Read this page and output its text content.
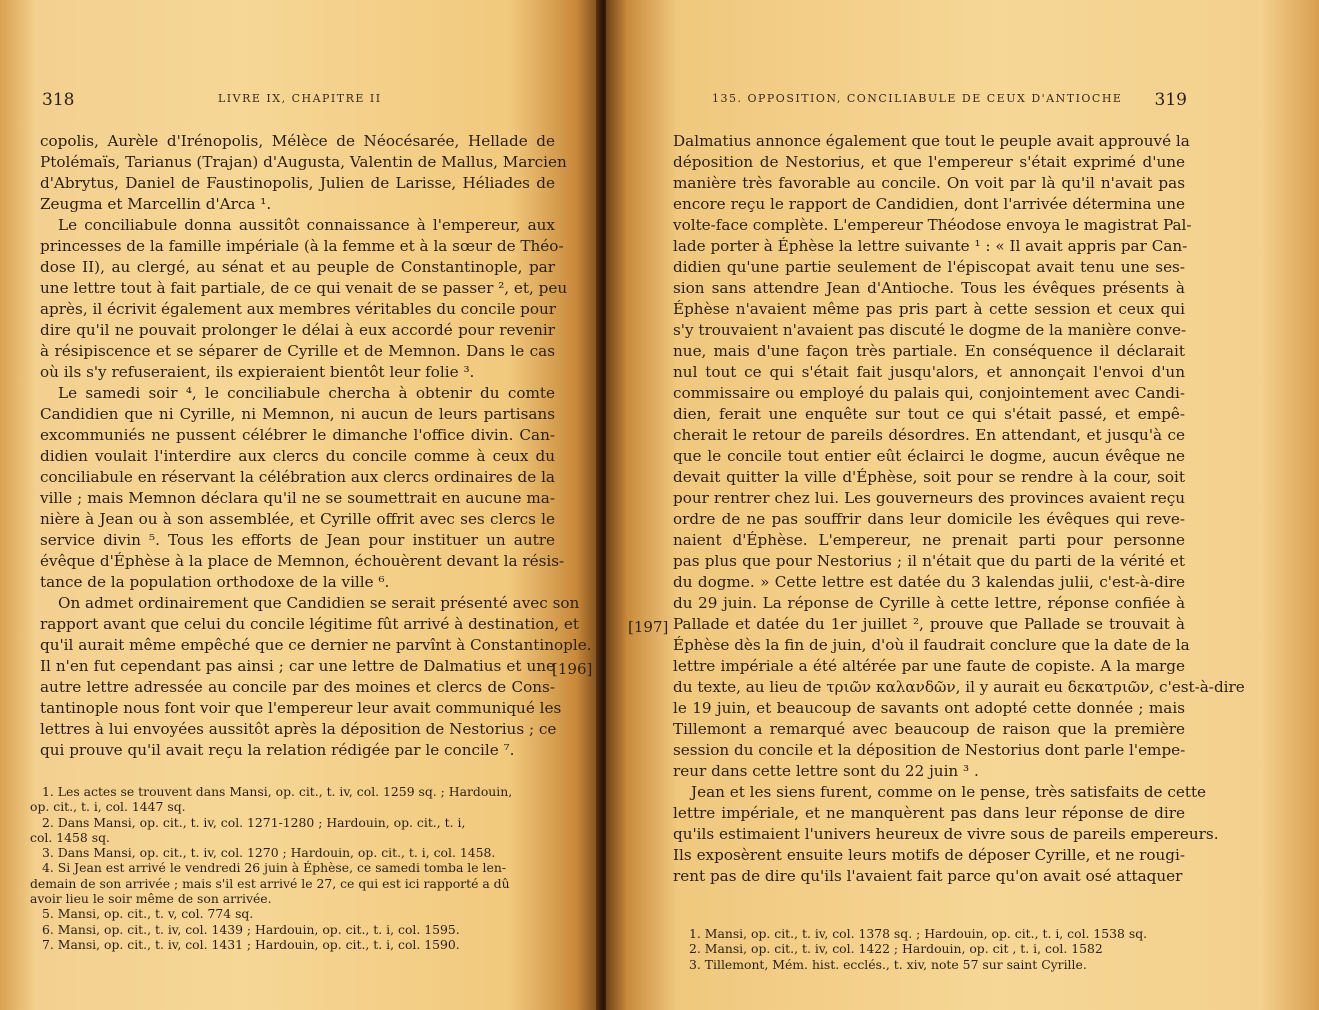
318	LIVRE IX, CHAPITRE II
copolis, Aurèle d'Irénopolis, Mélèce de Néocésarée, Hellade de
Ptolémaïs, Tarianus (Trajan) d'Augusta, Valentin de Mallus, Marcien
d'Abrytus, Daniel de Faustinopolis, Julien de Larisse, Héliades de
Zeugma et Marcellin d'Arca ¹.
Le conciliabule donna aussitôt connaissance à l'empereur, aux
princesses de la famille impériale (à la femme et à la sœur de Théo-
dose II), au clergé, au sénat et au peuple de Constantinople, par
une lettre tout à fait partiale, de ce qui venait de se passer ², et, peu
après, il écrivit également aux membres véritables du concile pour
dire qu'il ne pouvait prolonger le délai à eux accordé pour revenir
à résipiscence et se séparer de Cyrille et de Memnon. Dans le cas
où ils s'y refuseraient, ils expieraient bientôt leur folie ³.
Le samedi soir ⁴, le conciliabule chercha à obtenir du comte
Candidien que ni Cyrille, ni Memnon, ni aucun de leurs partisans
excommuniés ne pussent célébrer le dimanche l'office divin. Can-
didien voulait l'interdire aux clercs du concile comme à ceux du
conciliabule en réservant la célébration aux clercs ordinaires de la
ville ; mais Memnon déclara qu'il ne se soumettrait en aucune ma-
nière à Jean ou à son assemblée, et Cyrille offrit avec ses clercs le
service divin ⁵. Tous les efforts de Jean pour instituer un autre
évêque d'Éphèse à la place de Memnon, échouèrent devant la résis-
tance de la population orthodoxe de la ville ⁶.
On admet ordinairement que Candidien se serait présenté avec son
rapport avant que celui du concile légitime fût arrivé à destination, et
qu'il aurait même empêché que ce dernier ne parvînt à Constantinople.
Il n'en fut cependant pas ainsi ; car une lettre de Dalmatius et une
autre lettre adressée au concile par des moines et clercs de Cons-
tantinople nous font voir que l'empereur leur avait communiqué les
lettres à lui envoyées aussitôt après la déposition de Nestorius ; ce
qui prouve qu'il avait reçu la relation rédigée par le concile ⁷.
1. Les actes se trouvent dans Mansi, op. cit., t. iv, col. 1259 sq. ; Hardouin,
op. cit., t. i, col. 1447 sq.
2. Dans Mansi, op. cit., t. iv, col. 1271-1280 ; Hardouin, op. cit., t. i,
col. 1458 sq.
3. Dans Mansi, op. cit., t. iv, col. 1270 ; Hardouin, op. cit., t. i, col. 1458.
4. Si Jean est arrivé le vendredi 26 juin à Éphèse, ce samedi tomba le len-
demain de son arrivée ; mais s'il est arrivé le 27, ce qui est ici rapporté a dû
avoir lieu le soir même de son arrivée.
5. Mansi, op. cit., t. v, col. 774 sq.
6. Mansi, op. cit., t. iv, col. 1439 ; Hardouin, op. cit., t. i, col. 1595.
7. Mansi, op. cit., t. iv, col. 1431 ; Hardouin, op. cit., t. i, col. 1590.
319
135. OPPOSITION, CONCILIABULE DE CEUX D'ANTIOCHE
Dalmatius annonce également que tout le peuple avait approuvé la
déposition de Nestorius, et que l'empereur s'était exprimé d'une
manière très favorable au concile. On voit par là qu'il n'avait pas
encore reçu le rapport de Candidien, dont l'arrivée détermina une
volte-face complète. L'empereur Théodose envoya le magistrat Pal-
lade porter à Éphèse la lettre suivante ¹ : « Il avait appris par Can-
didien qu'une partie seulement de l'épiscopat avait tenu une ses-
sion sans attendre Jean d'Antioche. Tous les évêques présents à
Éphèse n'avaient même pas pris part à cette session et ceux qui
s'y trouvaient n'avaient pas discuté le dogme de la manière conve-
nue, mais d'une façon très partiale. En conséquence il déclarait
nul tout ce qui s'était fait jusqu'alors, et annonçait l'envoi d'un
commissaire ou employé du palais qui, conjointement avec Candi-
dien, ferait une enquête sur tout ce qui s'était passé, et empê-
cherait le retour de pareils désordres. En attendant, et jusqu'à ce
que le concile tout entier eût éclairci le dogme, aucun évêque ne
devait quitter la ville d'Éphèse, soit pour se rendre à la cour, soit
pour rentrer chez lui. Les gouverneurs des provinces avaient reçu
ordre de ne pas souffrir dans leur domicile les évêques qui reve-
naient d'Éphèse. L'empereur, ne prenait parti pour personne
pas plus que pour Nestorius ; il n'était que du parti de la vérité et
du dogme. » Cette lettre est datée du 3 kalendas julii, c'est-à-dire
du 29 juin. La réponse de Cyrille à cette lettre, réponse confiée à
Pallade et datée du 1er juillet ², prouve que Pallade se trouvait à
Éphèse dès la fin de juin, d'où il faudrait conclure que la date de la
lettre impériale a été altérée par une faute de copiste. A la marge
du texte, au lieu de τριῶν καλανδῶν, il y aurait eu δεκατριῶν, c'est-à-dire
le 19 juin, et beaucoup de savants ont adopté cette donnée ; mais
Tillemont a remarqué avec beaucoup de raison que la première
session du concile et la déposition de Nestorius dont parle l'empe-
reur dans cette lettre sont du 22 juin ³ .
Jean et les siens furent, comme on le pense, très satisfaits de cette
lettre impériale, et ne manquèrent pas dans leur réponse de dire
qu'ils estimaient l'univers heureux de vivre sous de pareils empereurs.
Ils exposèrent ensuite leurs motifs de déposer Cyrille, et ne rougi-
rent pas de dire qu'ils l'avaient fait parce qu'on avait osé attaquer
1. Mansi, op. cit., t. iv, col. 1378 sq. ; Hardouin, op. cit., t. i, col. 1538 sq.
2. Mansi, op. cit., t. iv, col. 1422 ; Hardouin, op. cit , t. i, col. 1582
3. Tillemont, Mém. hist. ecclés., t. xiv, note 57 sur saint Cyrille.
[196]
[197]
